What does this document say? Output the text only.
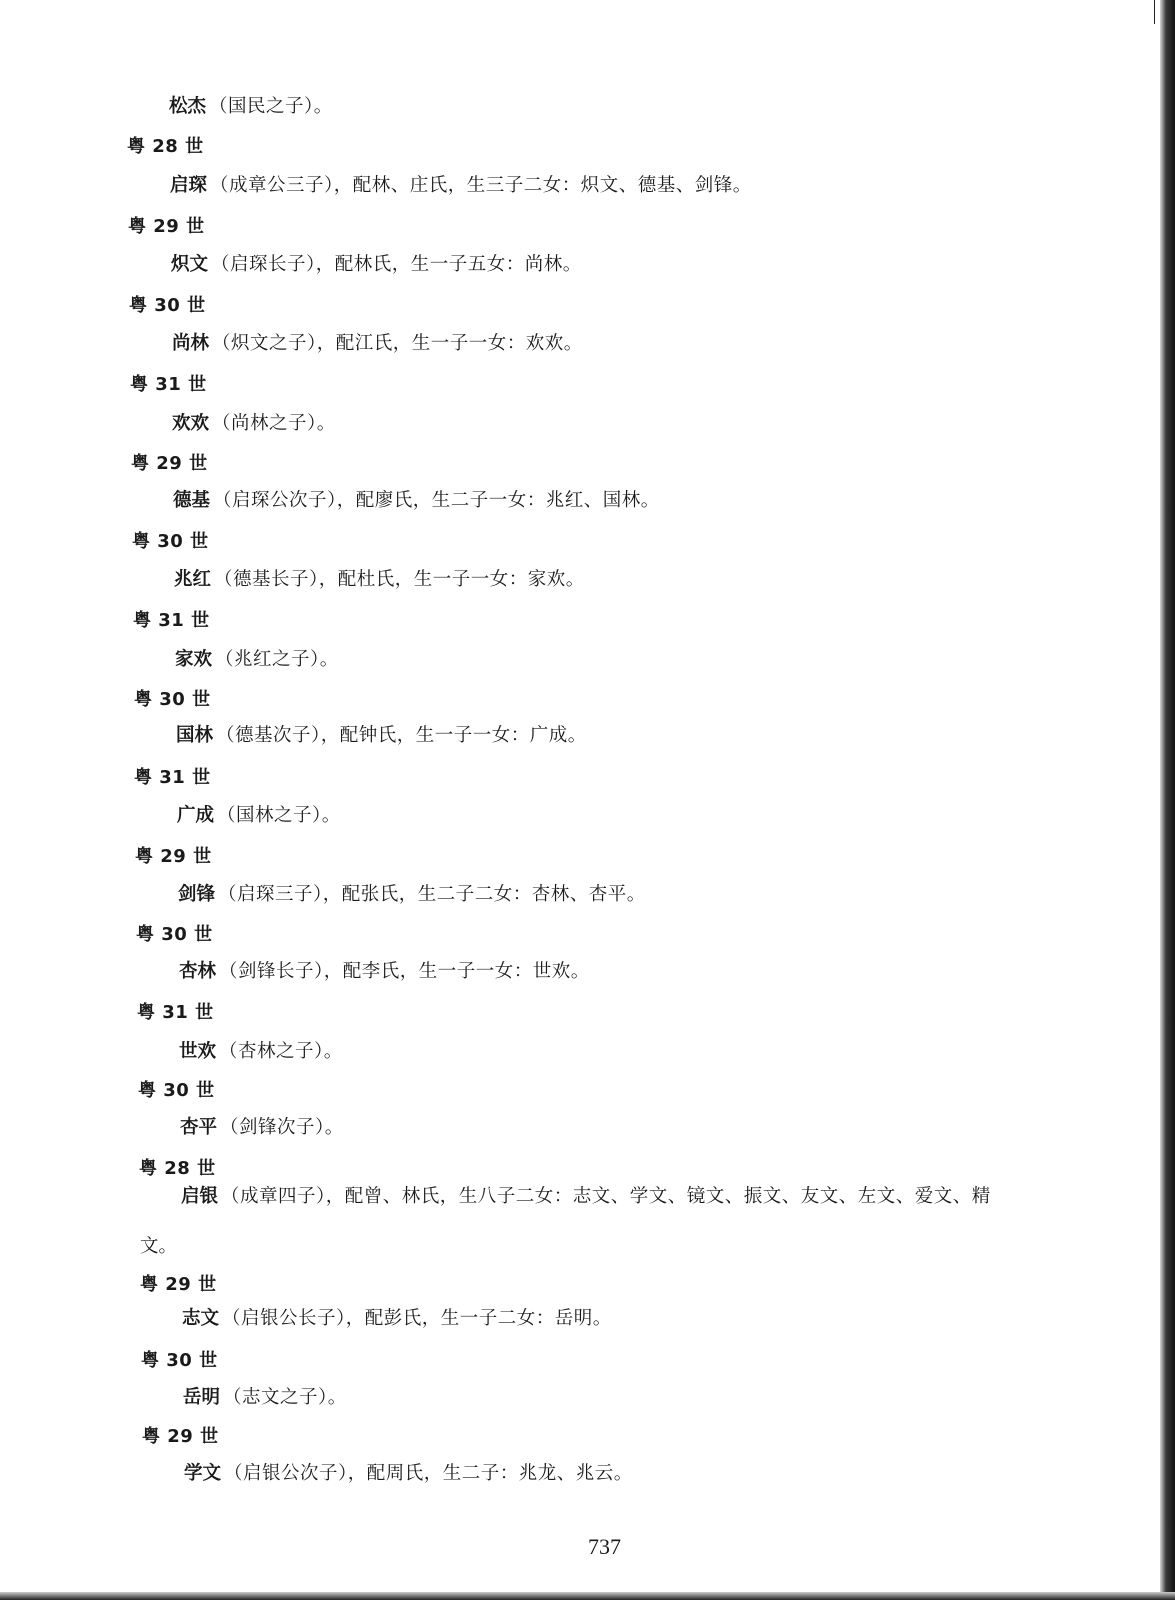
松杰 （国民之子）。
粤 28 世
启琛 （成章公三子），配林、庄氏，生三子二女：炽文、德基、剑锋。
粤 29 世
炽文 （启琛长子），配林氏，生一子五女：尚林。
粤 30 世
尚林 （炽文之子），配江氏，生一子一女：欢欢。
粤 31 世
欢欢 （尚林之子）。
粤 29 世
德基 （启琛公次子），配廖氏，生二子一女：兆红、国林。
粤 30 世
兆红 （德基长子），配杜氏，生一子一女：家欢。
粤 31 世
家欢 （兆红之子）。
粤 30 世
国林 （德基次子），配钟氏，生一子一女：广成。
粤 31 世
广成 （国林之子）。
粤 29 世
剑锋 （启琛三子），配张氏，生二子二女：杏林、杏平。
粤 30 世
杏林 （剑锋长子），配李氏，生一子一女：世欢。
粤 31 世
世欢 （杏林之子）。
粤 30 世
杏平 （剑锋次子）。
粤 28 世
启银 （成章四子），配曾、林氏，生八子二女：志文、学文、镜文、振文、友文、左文、爱文、精
文。
粤 29 世
志文 （启银公长子），配彭氏，生一子二女：岳明。
粤 30 世
岳明 （志文之子）。
粤 29 世
学文 （启银公次子），配周氏，生二子：兆龙、兆云。
737
